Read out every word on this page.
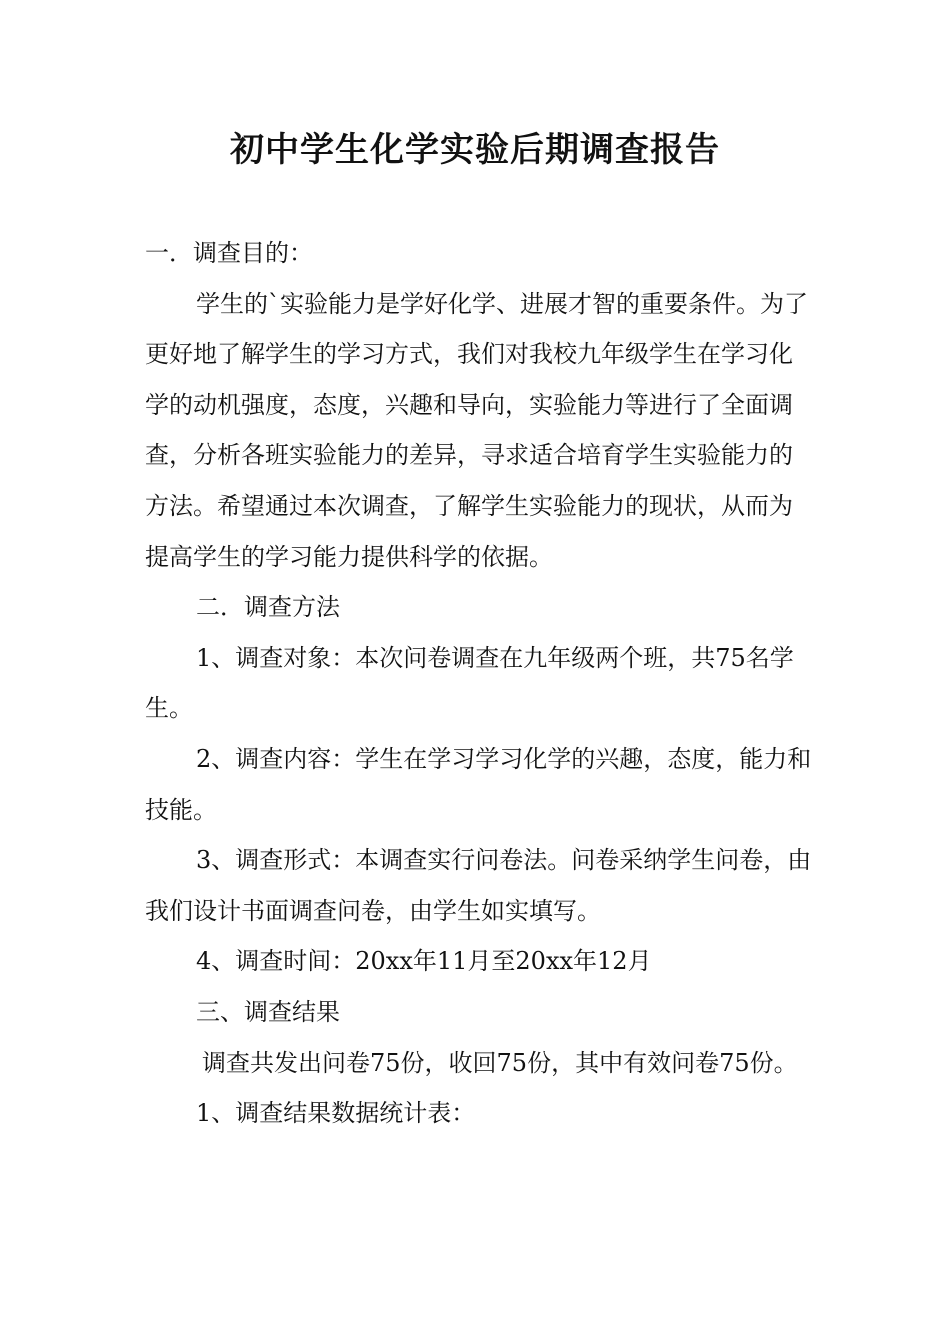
初中学生化学实验后期调查报告

一．调查目的：

学生的`实验能力是学好化学、进展才智的重要条件。为了更好地了解学生的学习方式，我们对我校九年级学生在学习化学的动机强度，态度，兴趣和导向，实验能力等进行了全面调查，分析各班实验能力的差异，寻求适合培育学生实验能力的方法。希望通过本次调查，了解学生实验能力的现状，从而为提高学生的学习能力提供科学的依据。

二．调查方法

1、调查对象：本次问卷调查在九年级两个班，共75名学生。

2、调查内容：学生在学习学习化学的兴趣，态度，能力和技能。

3、调查形式：本调查实行问卷法。问卷采纳学生问卷，由我们设计书面调查问卷，由学生如实填写。

4、调查时间：20xx年11月至20xx年12月

三、调查结果

调查共发出问卷75份，收回75份，其中有效问卷75份。

1、调查结果数据统计表：
